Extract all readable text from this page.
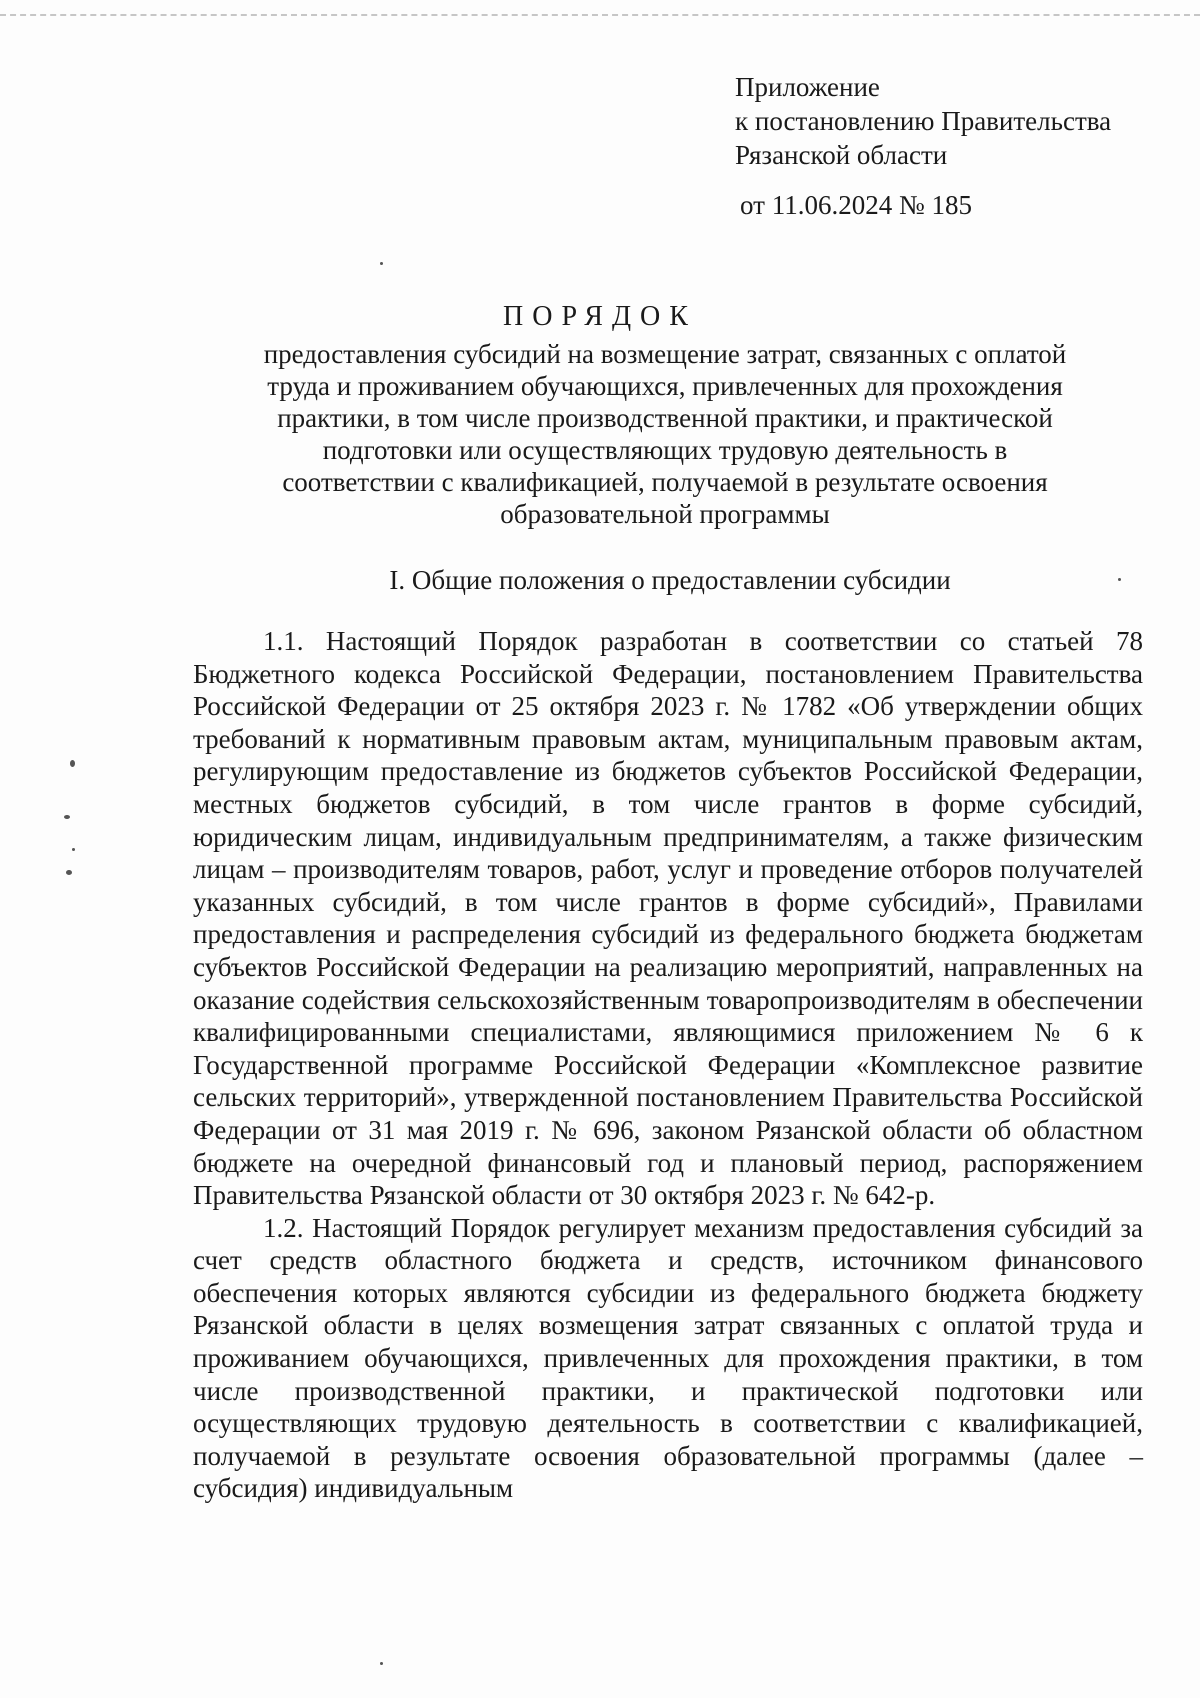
Приложение
к постановлению Правительства
Рязанской области
от 11.06.2024 № 185
ПОРЯДОК
предоставления субсидий на возмещение затрат, связанных с оплатой труда и проживанием обучающихся, привлеченных для прохождения практики, в том числе производственной практики, и практической подготовки или осуществляющих трудовую деятельность в соответствии с квалификацией, получаемой в результате освоения образовательной программы
I. Общие положения о предоставлении субсидии

1.1. Настоящий Порядок разработан в соответствии со статьей 78 Бюджетного кодекса Российской Федерации, постановлением Правительства Российской Федерации от 25 октября 2023 г. № 1782 «Об утверждении общих требований к нормативным правовым актам, муниципальным правовым актам, регулирующим предоставление из бюджетов субъектов Российской Федерации, местных бюджетов субсидий, в том числе грантов в форме субсидий, юридическим лицам, индивидуальным предпринимателям, а также физическим лицам – производителям товаров, работ, услуг и проведение отборов получателей указанных субсидий, в том числе грантов в форме субсидий», Правилами предоставления и распределения субсидий из федерального бюджета бюджетам субъектов Российской Федерации на реализацию мероприятий, направленных на оказание содействия сельскохозяйственным товаропроизводителям в обеспечении квалифицированными специалистами, являющимися приложением № 6 к Государственной программе Российской Федерации «Комплексное развитие сельских территорий», утвержденной постановлением Правительства Российской Федерации от 31 мая 2019 г. № 696, законом Рязанской области об областном бюджете на очередной финансовый год и плановый период, распоряжением Правительства Рязанской области от 30 октября 2023 г. № 642-р.

1.2. Настоящий Порядок регулирует механизм предоставления субсидий за счет средств областного бюджета и средств, источником финансового обеспечения которых являются субсидии из федерального бюджета бюджету Рязанской области в целях возмещения затрат связанных с оплатой труда и проживанием обучающихся, привлеченных для прохождения практики, в том числе производственной практики, и практической подготовки или осуществляющих трудовую деятельность в соответствии с квалификацией, получаемой в результате освоения образовательной программы (далее – субсидия) индивидуальным
